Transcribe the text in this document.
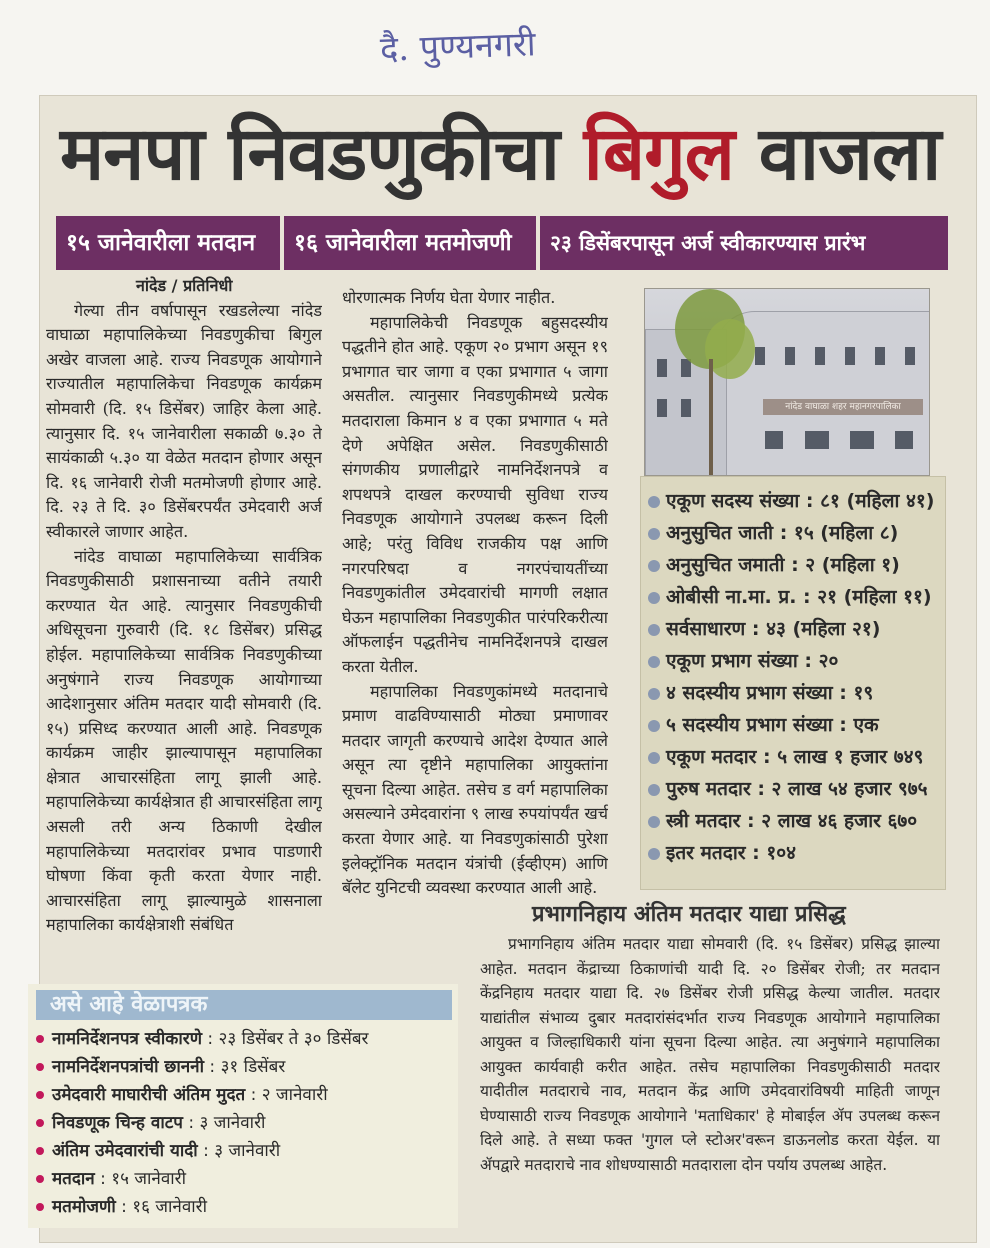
दै. पुण्यनगरी
मनपा निवडणुकीचा बिगुल वाजला
१५ जानेवारीला मतदान	१६ जानेवारीला मतमोजणी	२३ डिसेंबरपासून अर्ज स्वीकारण्यास प्रारंभ

नांदेड / प्रतिनिधी

गेल्या तीन वर्षापासून रखडलेल्या नांदेड वाघाळा महापालिकेच्या निवडणुकीचा बिगुल अखेर वाजला आहे. राज्य निवडणूक आयोगाने राज्यातील महापालिकेचा निवडणूक कार्यक्रम सोमवारी (दि. १५ डिसेंबर) जाहिर केला आहे. त्यानुसार दि. १५ जानेवारीला सकाळी ७.३० ते सायंकाळी ५.३० या वेळेत मतदान होणार असून दि. १६ जानेवारी रोजी मतमोजणी होणार आहे. दि. २३ ते दि. ३० डिसेंबरपर्यंत उमेदवारी अर्ज स्वीकारले जाणार आहेत.

नांदेड वाघाळा महापालिकेच्या सार्वत्रिक निवडणुकीसाठी प्रशासनाच्या वतीने तयारी करण्यात येत आहे. त्यानुसार निवडणुकीची अधिसूचना गुरुवारी (दि. १८ डिसेंबर) प्रसिद्ध होईल. महापालिकेच्या सार्वत्रिक निवडणुकीच्या अनुषंगाने राज्य निवडणूक आयोगाच्या आदेशानुसार अंतिम मतदार यादी सोमवारी (दि. १५) प्रसिध्द करण्यात आली आहे. निवडणूक कार्यक्रम जाहीर झाल्यापासून महापालिका क्षेत्रात आचारसंहिता लागू झाली आहे. महापालिकेच्या कार्यक्षेत्रात ही आचारसंहिता लागू असली तरी अन्य ठिकाणी देखील महापालिकेच्या मतदारांवर प्रभाव पाडणारी घोषणा किंवा कृती करता येणार नाही. आचारसंहिता लागू झाल्यामुळे शासनाला महापालिका कार्यक्षेत्राशी संबंधित

धोरणात्मक निर्णय घेता येणार नाहीत.

महापालिकेची निवडणूक बहुसदस्यीय पद्धतीने होत आहे. एकूण २० प्रभाग असून १९ प्रभागात चार जागा व एका प्रभागात ५ जागा असतील. त्यानुसार निवडणुकीमध्ये प्रत्येक मतदाराला किमान ४ व एका प्रभागात ५ मते देणे अपेक्षित असेल. निवडणुकीसाठी संगणकीय प्रणालीद्वारे नामनिर्देशनपत्रे व शपथपत्रे दाखल करण्याची सुविधा राज्य निवडणूक आयोगाने उपलब्ध करून दिली आहे; परंतु विविध राजकीय पक्ष आणि नगरपरिषदा व नगरपंचायतींच्या निवडणुकांतील उमेदवारांची मागणी लक्षात घेऊन महापालिका निवडणुकीत पारंपरिकरीत्या ऑफलाईन पद्धतीनेच नामनिर्देशनपत्रे दाखल करता येतील.

महापालिका निवडणुकांमध्ये मतदानाचे प्रमाण वाढविण्यासाठी मोठ्या प्रमाणावर मतदार जागृती करण्याचे आदेश देण्यात आले असून त्या दृष्टीने महापालिका आयुक्तांना सूचना दिल्या आहेत. तसेच ड वर्ग महापालिका असल्याने उमेदवारांना ९ लाख रुपयांपर्यंत खर्च करता येणार आहे. या निवडणुकांसाठी पुरेशा इलेक्ट्रॉनिक मतदान यंत्रांची (ईव्हीएम) आणि बॅलेट युनिटची व्यवस्था करण्यात आली आहे.

नांदेड वाघाळा शहर महानगरपालिका
एकूण सदस्य संख्या : ८१ (महिला ४१)
अनुसुचित जाती : १५ (महिला ८)
अनुसुचित जमाती : २ (महिला १)
ओबीसी ना.मा. प्र. : २१ (महिला ११)
सर्वसाधारण : ४३ (महिला २१)
एकूण प्रभाग संख्या : २०
४ सदस्यीय प्रभाग संख्या : १९
५ सदस्यीय प्रभाग संख्या : एक
एकूण मतदार : ५ लाख १ हजार ७४९
पुरुष मतदार : २ लाख ५४ हजार ९७५
स्त्री मतदार : २ लाख ४६ हजार ६७०
इतर मतदार : १०४
प्रभागनिहाय अंतिम मतदार याद्या प्रसिद्ध

प्रभागनिहाय अंतिम मतदार याद्या सोमवारी (दि. १५ डिसेंबर) प्रसिद्ध झाल्या आहेत. मतदान केंद्राच्या ठिकाणांची यादी दि. २० डिसेंबर रोजी; तर मतदान केंद्रनिहाय मतदार याद्या दि. २७ डिसेंबर रोजी प्रसिद्ध केल्या जातील. मतदार याद्यांतील संभाव्य दुबार मतदारांसंदर्भात राज्य निवडणूक आयोगाने महापालिका आयुक्त व जिल्हाधिकारी यांना सूचना दिल्या आहेत. त्या अनुषंगाने महापालिका आयुक्त कार्यवाही करीत आहेत. तसेच महापालिका निवडणुकीसाठी मतदार यादीतील मतदाराचे नाव, मतदान केंद्र आणि उमेदवारांविषयी माहिती जाणून घेण्यासाठी राज्य निवडणूक आयोगाने 'मताधिकार' हे मोबाईल ॲप उपलब्ध करून दिले आहे. ते सध्या फक्त 'गुगल प्ले स्टोअर'वरून डाऊनलोड करता येईल. या ॲपद्वारे मतदाराचे नाव शोधण्यासाठी मतदाराला दोन पर्याय उपलब्ध आहेत.

असे आहे वेळापत्रक
नामनिर्देशनपत्र स्वीकारणे : २३ डिसेंबर ते ३० डिसेंबर
नामनिर्देशनपत्रांची छाननी : ३१ डिसेंबर
उमेदवारी माघारीची अंतिम मुदत : २ जानेवारी
निवडणूक चिन्ह वाटप : ३ जानेवारी
अंतिम उमेदवारांची यादी : ३ जानेवारी
मतदान : १५ जानेवारी
मतमोजणी : १६ जानेवारी
